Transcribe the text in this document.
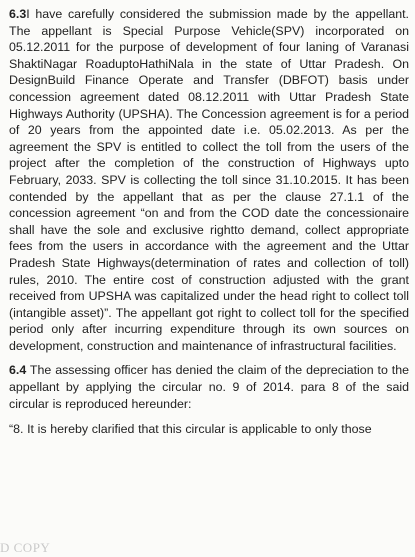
6.3I have carefully considered the submission made by the appellant. The appellant is Special Purpose Vehicle(SPV) incorporated on 05.12.2011 for the purpose of development of four laning of Varanasi ShaktiNagar RoaduptoHathiNala in the state of Uttar Pradesh. On DesignBuild Finance Operate and Transfer (DBFOT) basis under concession agreement dated 08.12.2011 with Uttar Pradesh State Highways Authority (UPSHA). The Concession agreement is for a period of 20 years from the appointed date i.e. 05.02.2013. As per the agreement the SPV is entitled to collect the toll from the users of the project after the completion of the construction of Highways upto February, 2033. SPV is collecting the toll since 31.10.2015. It has been contended by the appellant that as per the clause 27.1.1 of the concession agreement “on and from the COD date the concessionaire shall have the sole and exclusive rightto demand, collect appropriate fees from the users in accordance with the agreement and the Uttar Pradesh State Highways(determination of rates and collection of toll) rules, 2010. The entire cost of construction adjusted with the grant received from UPSHA was capitalized under the head right to collect toll (intangible asset)”. The appellant got right to collect toll for the specified period only after incurring expenditure through its own sources on development, construction and maintenance of infrastructural facilities.

6.4 The assessing officer has denied the claim of the depreciation to the appellant by applying the circular no. 9 of 2014. para 8 of the said circular is reproduced hereunder:

“8. It is hereby clarified that this circular is applicable to only those

D COPY
